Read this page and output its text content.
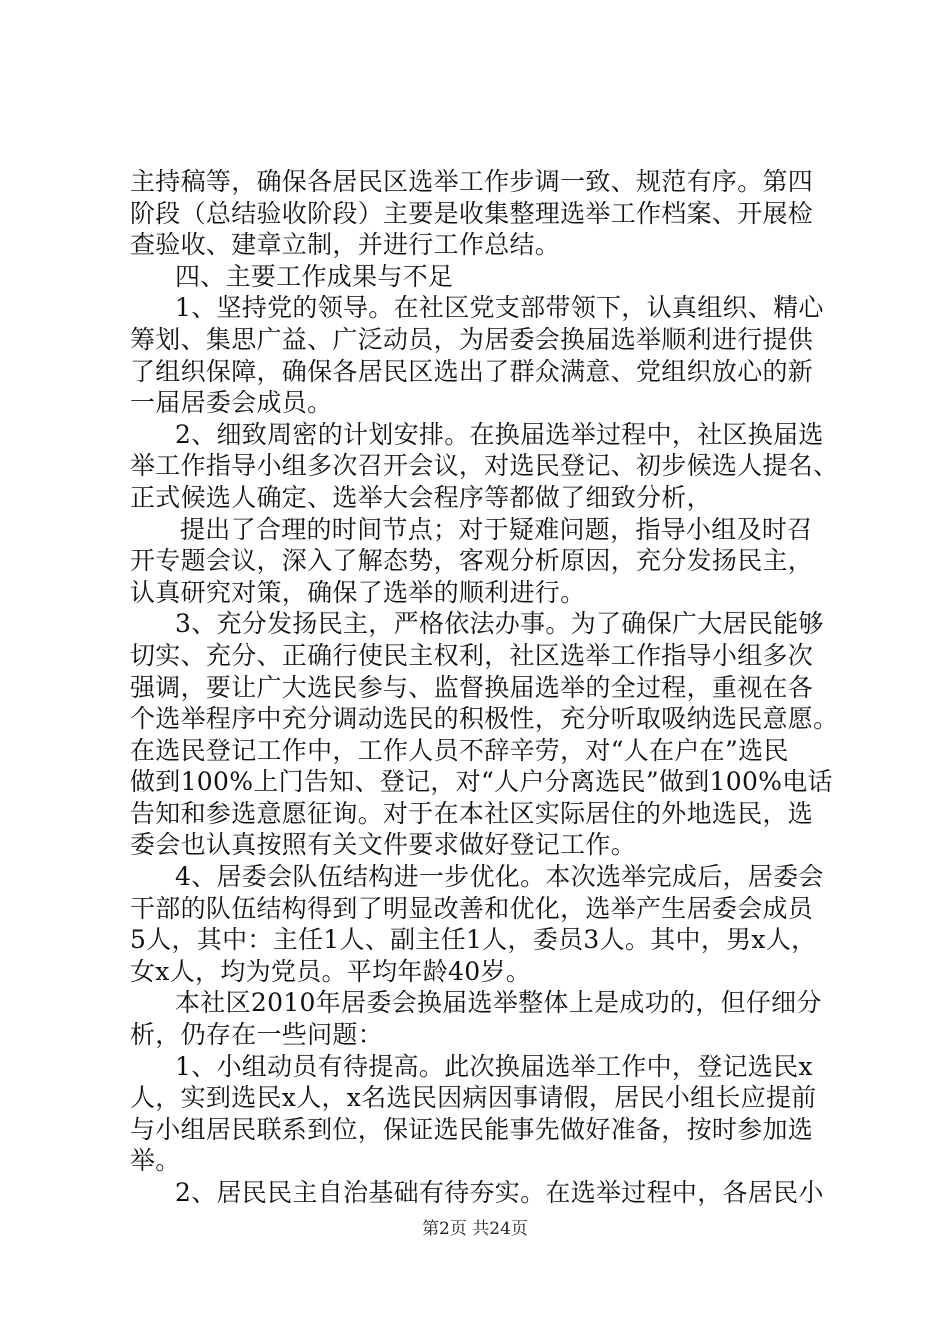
主持稿等，确保各居民区选举工作步调一致、规范有序。第四
阶段（总结验收阶段）主要是收集整理选举工作档案、开展检
查验收、建章立制，并进行工作总结。
四、主要工作成果与不足
1、坚持党的领导。在社区党支部带领下，认真组织、精心
筹划、集思广益、广泛动员，为居委会换届选举顺利进行提供
了组织保障，确保各居民区选出了群众满意、党组织放心的新
一届居委会成员。
2、细致周密的计划安排。在换届选举过程中，社区换届选
举工作指导小组多次召开会议，对选民登记、初步候选人提名、
正式候选人确定、选举大会程序等都做了细致分析，
提出了合理的时间节点；对于疑难问题，指导小组及时召
开专题会议，深入了解态势，客观分析原因，充分发扬民主，
认真研究对策，确保了选举的顺利进行。
3、充分发扬民主，严格依法办事。为了确保广大居民能够
切实、充分、正确行使民主权利，社区选举工作指导小组多次
强调，要让广大选民参与、监督换届选举的全过程，重视在各
个选举程序中充分调动选民的积极性，充分听取吸纳选民意愿。
在选民登记工作中，工作人员不辞辛劳，对“人在户在”选民
做到100%上门告知、登记，对“人户分离选民”做到100%电话
告知和参选意愿征询。对于在本社区实际居住的外地选民，选
委会也认真按照有关文件要求做好登记工作。
4、居委会队伍结构进一步优化。本次选举完成后，居委会
干部的队伍结构得到了明显改善和优化，选举产生居委会成员
5人，其中：主任1人、副主任1人，委员3人。其中，男x人，
女x人，均为党员。平均年龄40岁。
本社区2010年居委会换届选举整体上是成功的，但仔细分
析，仍存在一些问题：
1、小组动员有待提高。此次换届选举工作中，登记选民x
人，实到选民x人，x名选民因病因事请假，居民小组长应提前
与小组居民联系到位，保证选民能事先做好准备，按时参加选
举。
2、居民民主自治基础有待夯实。在选举过程中，各居民小
第2页 共24页
